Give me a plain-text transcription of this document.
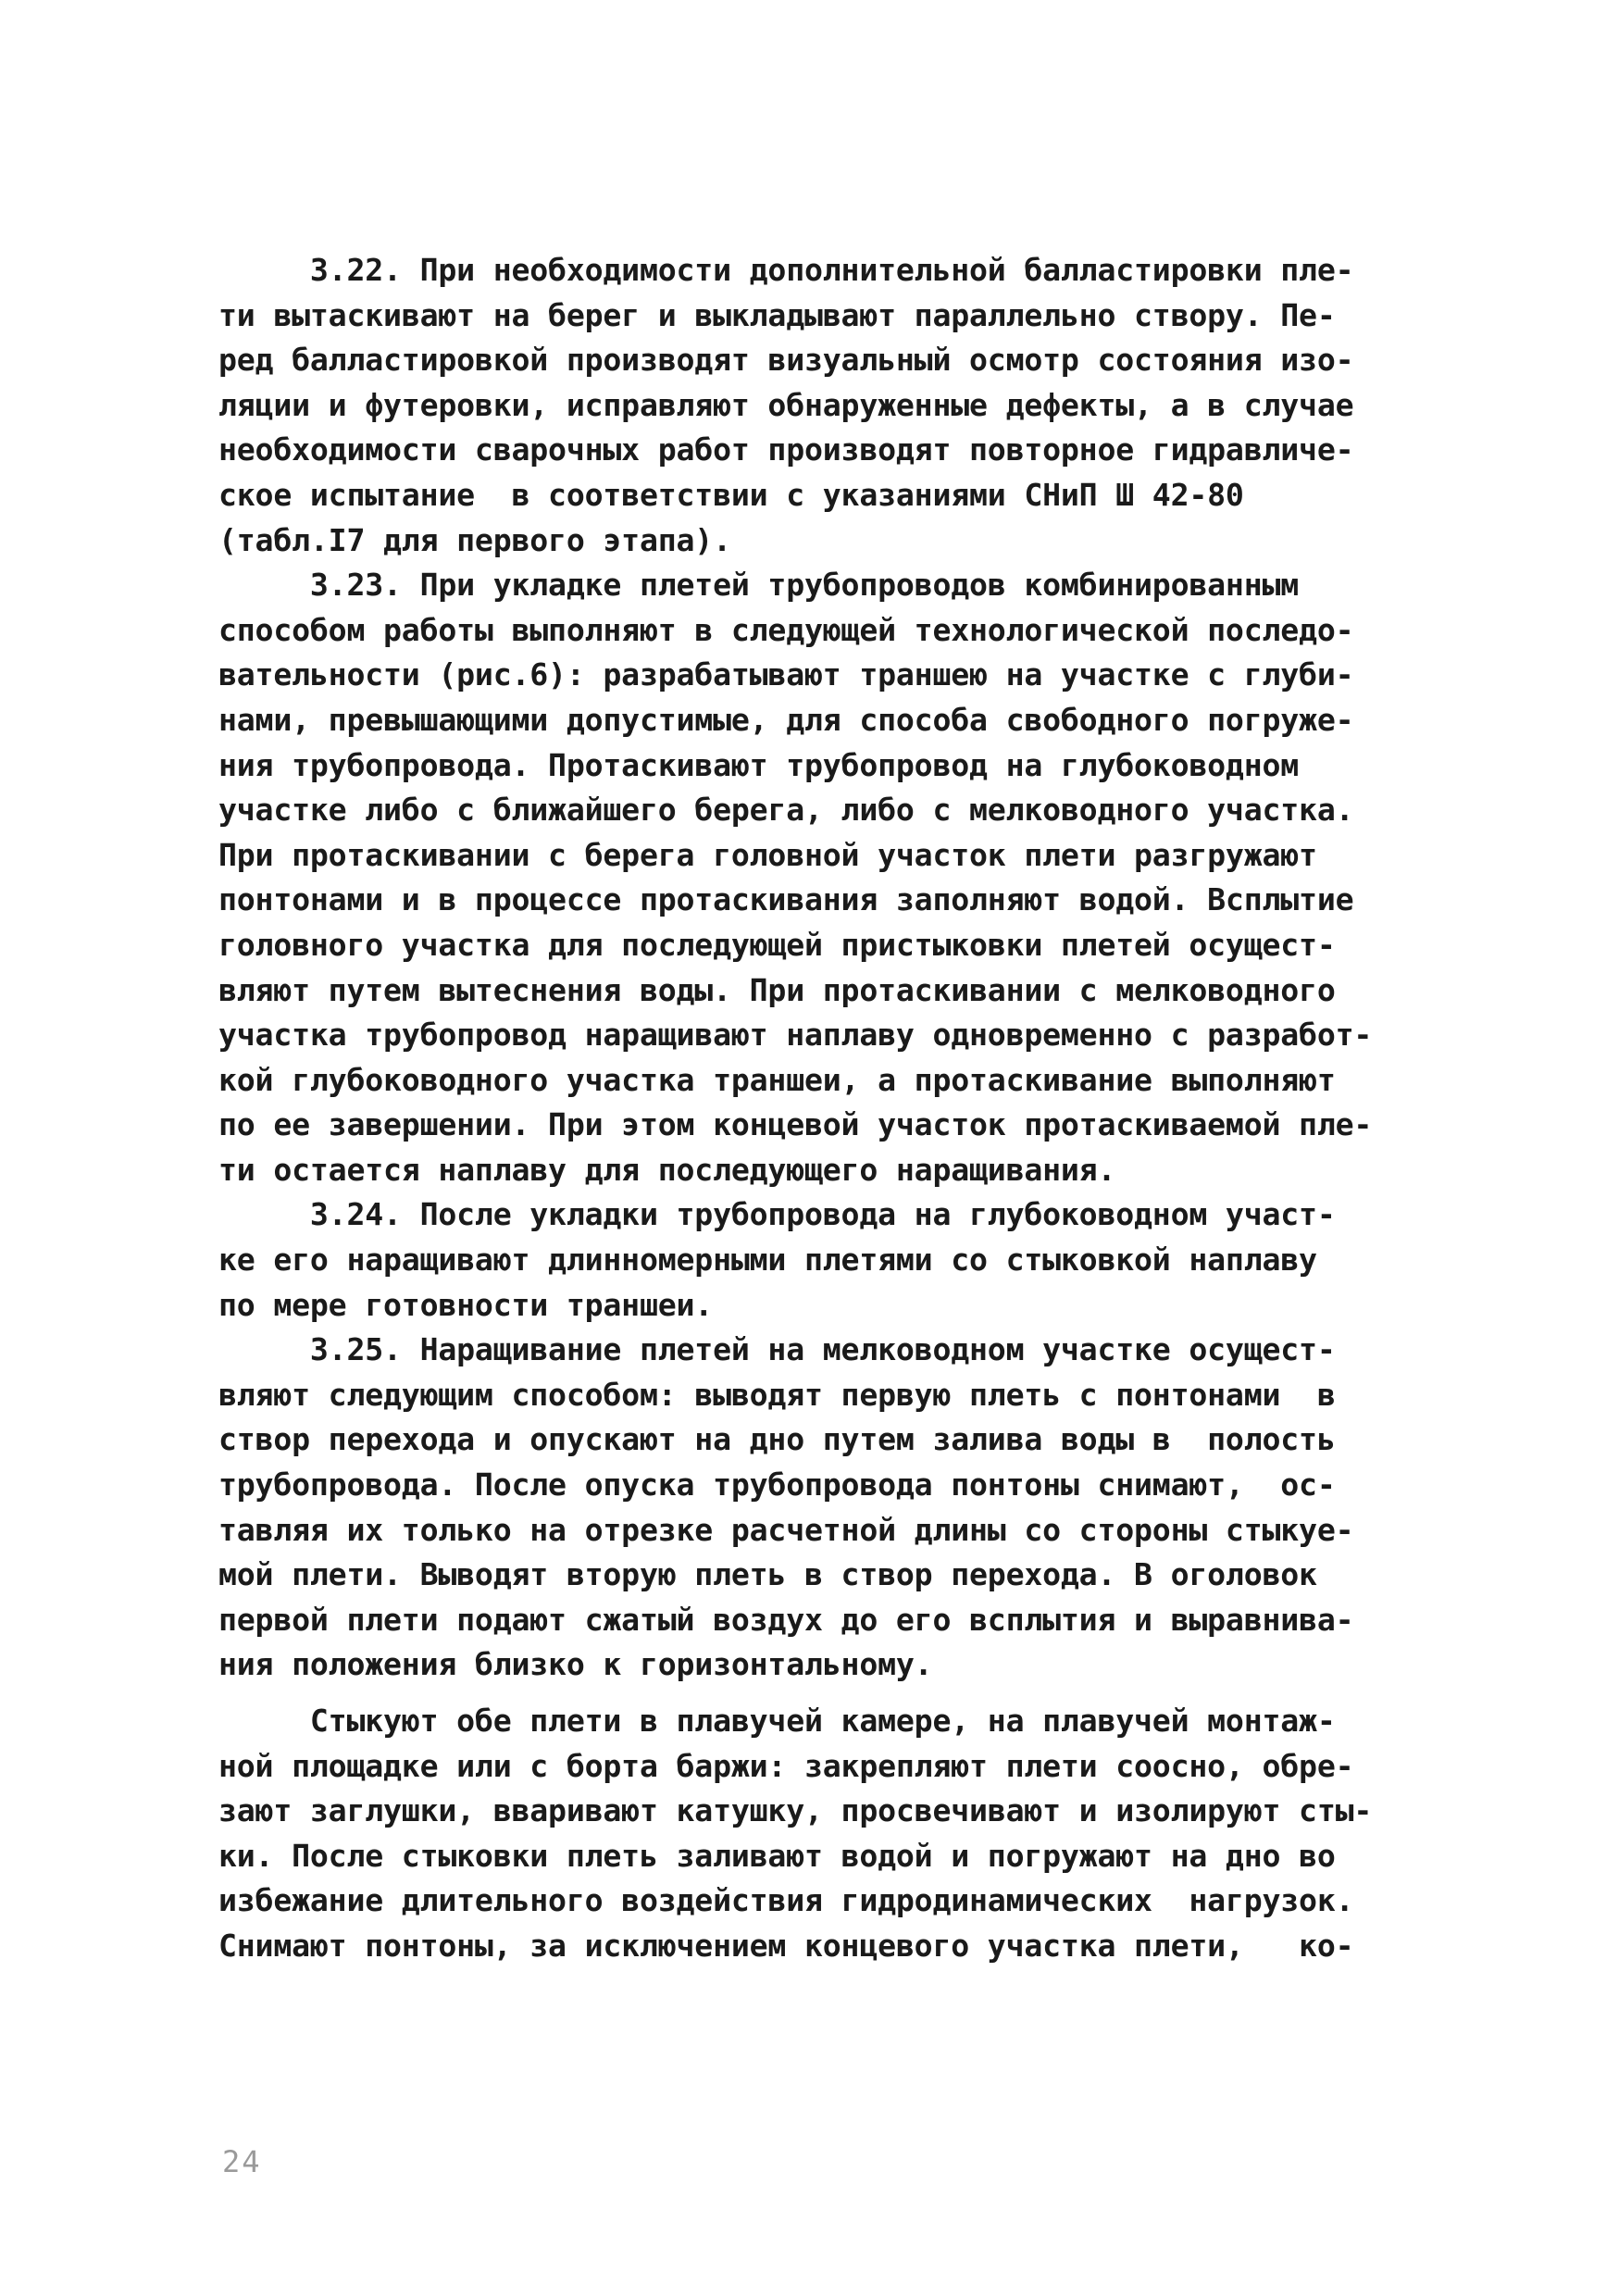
3.22. При необходимости дополнительной балластировки пле-
ти вытаскивают на берег и выкладывают параллельно створу. Пе-
ред балластировкой производят визуальный осмотр состояния изо-
ляции и футеровки, исправляют обнаруженные дефекты, а в случае
необходимости сварочных работ производят повторное гидравличе-
ское испытание  в соответствии с указаниями СНиП Ш 42-80
(табл.I7 для первого этапа).
3.23. При укладке плетей трубопроводов комбинированным
способом работы выполняют в следующей технологической последо-
вательности (рис.6): разрабатывают траншею на участке с глуби-
нами, превышающими допустимые, для способа свободного погруже-
ния трубопровода. Протаскивают трубопровод на глубоководном
участке либо с ближайшего берега, либо с мелководного участка.
При протаскивании с берега головной участок плети разгружают
понтонами и в процессе протаскивания заполняют водой. Всплытие
головного участка для последующей пристыковки плетей осущест-
вляют путем вытеснения воды. При протаскивании с мелководного
участка трубопровод наращивают наплаву одновременно с разработ-
кой глубоководного участка траншеи, а протаскивание выполняют
по ее завершении. При этом концевой участок протаскиваемой пле-
ти остается наплаву для последующего наращивания.
3.24. После укладки трубопровода на глубоководном участ-
ке его наращивают длинномерными плетями со стыковкой наплаву
по мере готовности траншеи.
3.25. Наращивание плетей на мелководном участке осущест-
вляют следующим способом: выводят первую плеть с понтонами  в
створ перехода и опускают на дно путем залива воды в  полость
трубопровода. После опуска трубопровода понтоны снимают,  ос-
тавляя их только на отрезке расчетной длины со стороны стыкуе-
мой плети. Выводят вторую плеть в створ перехода. В оголовок
первой плети подают сжатый воздух до его всплытия и выравнива-
ния положения близко к горизонтальному.
Стыкуют обе плети в плавучей камере, на плавучей монтаж-
ной площадке или с борта баржи: закрепляют плети соосно, обре-
зают заглушки, вваривают катушку, просвечивают и изолируют сты-
ки. После стыковки плеть заливают водой и погружают на дно во
избежание длительного воздействия гидродинамических  нагрузок.
Снимают понтоны, за исключением концевого участка плети,   ко-
24
